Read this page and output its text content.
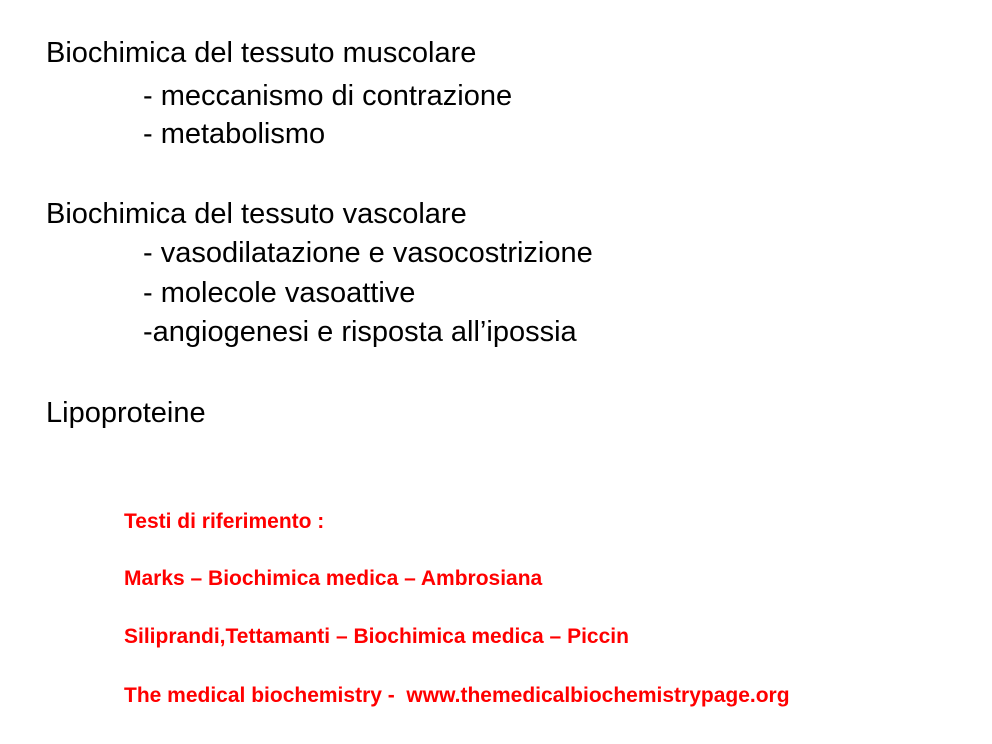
Biochimica del tessuto muscolare
- meccanismo di contrazione
- metabolismo
Biochimica del tessuto vascolare
- vasodilatazione e vasocostrizione
- molecole vasoattive
-angiogenesi e risposta all’ipossia
Lipoproteine
Testi di riferimento :
Marks – Biochimica medica – Ambrosiana
Siliprandi,Tettamanti – Biochimica medica – Piccin
The medical biochemistry -  www.themedicalbiochemistrypage.org
